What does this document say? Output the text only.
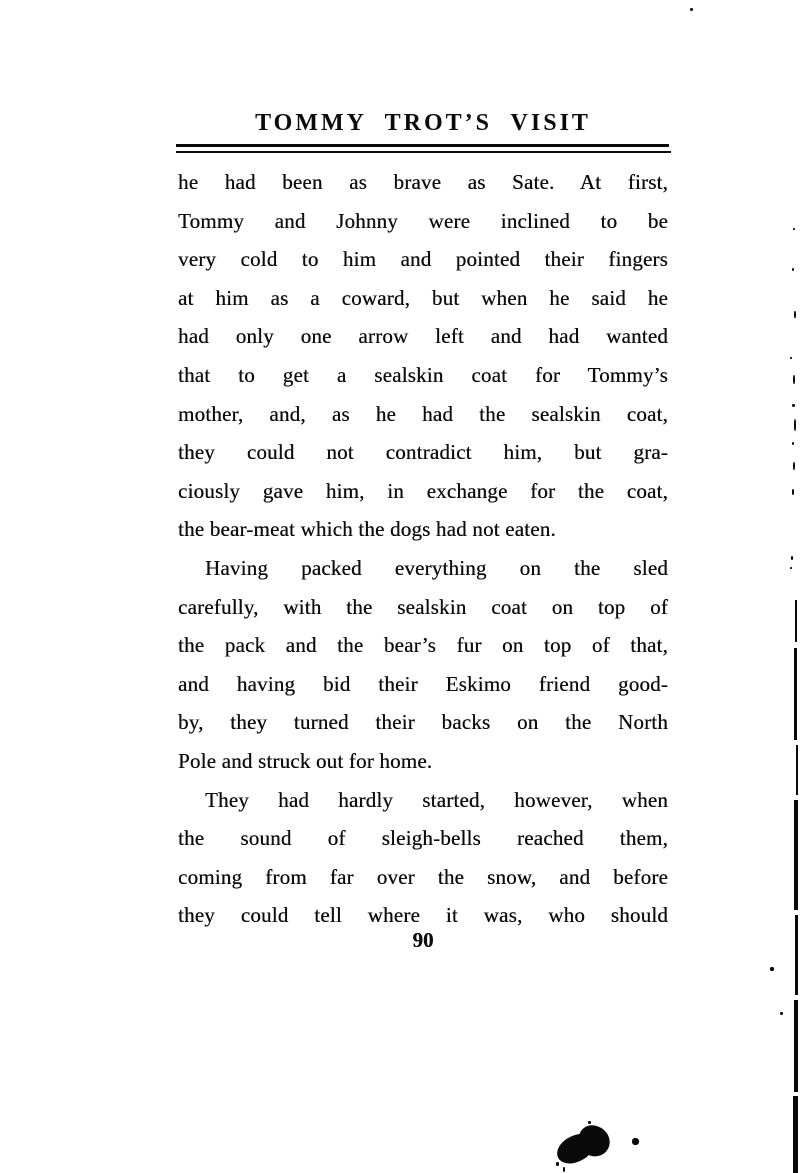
TOMMY TROT’S VISIT
he had been as brave as Sate. At first,
Tommy and Johnny were inclined to be
very cold to him and pointed their fingers
at him as a coward, but when he said he
had only one arrow left and had wanted
that to get a sealskin coat for Tommy’s
mother, and, as he had the sealskin coat,
they could not contradict him, but gra-
ciously gave him, in exchange for the coat,
the bear-meat which the dogs had not eaten.
Having packed everything on the sled
carefully, with the sealskin coat on top of
the pack and the bear’s fur on top of that,
and having bid their Eskimo friend good-
by, they turned their backs on the North
Pole and struck out for home.
They had hardly started, however, when
the sound of sleigh-bells reached them,
coming from far over the snow, and before
they could tell where it was, who should
90
